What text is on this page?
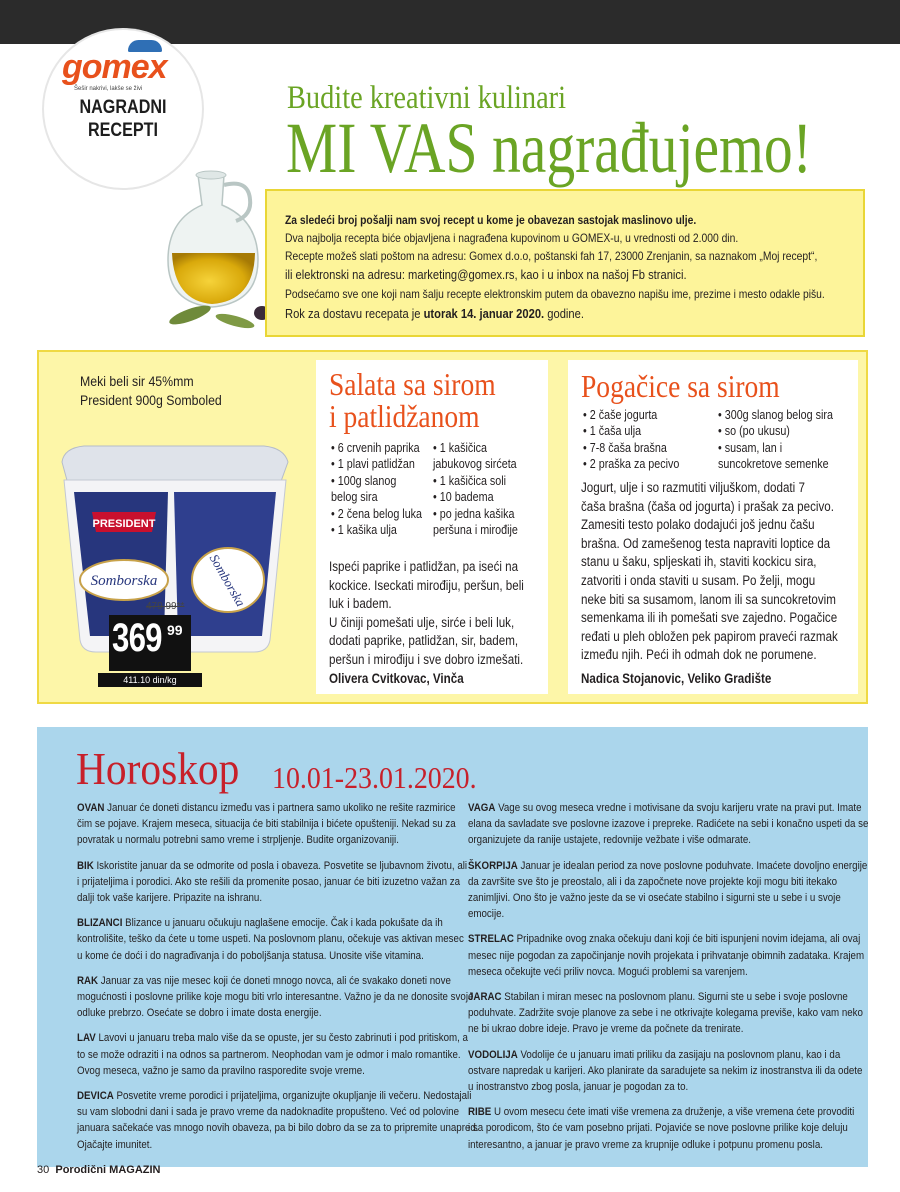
gomex
Šešir nakrivi, lakše se živi
NAGRADNI
RECEPTI
Budite kreativni kulinari
MI VAS nagrađujemo!
Za sledeći broj pošalji nam svoj recept u kome je obavezan sastojak maslinovo ulje.
Dva najbolja recepta biće objavljena i nagrađena kupovinom u GOMEX-u, u vrednosti od 2.000 din.
Recepte možeš slati poštom na adresu: Gomex d.o.o, poštanski fah 17, 23000 Zrenjanin, sa naznakom „Moj recept“,
ili elektronski na adresu: marketing@gomex.rs, kao i u inbox na našoj Fb stranici.
Podsećamo sve one koji nam šalju recepte elektronskim putem da obavezno napišu ime, prezime i mesto odakle pišu.
Rok za dostavu recepata je utorak 14. januar 2020. godine.
Meki beli sir 45%mm
President 900g Somboled
PRESIDENT
Somborska	Somborska
479,99**
369 99
411.10 din/kg
Salata sa sirom
i patlidžanom
• 6 crvenih paprika
• 1 plavi patlidžan
• 100g slanog
belog sira
• 2 čena belog luka
• 1 kašika ulja
• 1 kašičica
jabukovog sirćeta
• 1 kašičica soli
• 10 badema
• po jedna kašika
peršuna i mirođije
Ispeći paprike i patlidžan, pa iseći na
kockice. Iseckati mirođiju, peršun, beli
luk i badem.
U činiji pomešati ulje, sirće i beli luk,
dodati paprike, patlidžan, sir, badem,
peršun i mirođiju i sve dobro izmešati.
Olivera Cvitkovac, Vinča
Pogačice sa sirom
• 2 čaše jogurta
• 1 čaša ulja
• 7-8 čaša brašna
• 2 praška za pecivo
• 300g slanog belog sira
• so (po ukusu)
• susam, lan i
suncokretove semenke
Jogurt, ulje i so razmutiti viljuškom, dodati 7
čaša brašna (čaša od jogurta) i prašak za pecivo.
Zamesiti testo polako dodajući još jednu čašu
brašna. Od zamešenog testa napraviti loptice da
stanu u šaku, spljeskati ih, staviti kockicu sira,
zatvoriti i onda staviti u susam. Po želji, mogu
neke biti sa susamom, lanom ili sa suncokretovim
semenkama ili ih pomešati sve zajedno. Pogačice
ređati u pleh obložen pek papirom praveći razmak
između njih. Peći ih odmah dok ne porumene.
Nadica Stojanovic, Veliko Gradište
Horoskop 10.01-23.01.2020.
30 Porodični MAGAZIN
OVAN Januar će doneti distancu između vas i partnera samo ukoliko ne rešite razmirice
čim se pojave. Krajem meseca, situacija će biti stabilnija i bićete opušteniji. Nekad su za
povratak u normalu potrebni samo vreme i strpljenje. Budite organizovaniji.
BIK Iskoristite januar da se odmorite od posla i obaveza. Posvetite se ljubavnom životu, ali
i prijateljima i porodici. Ako ste rešili da promenite posao, januar će biti izuzetno važan za
dalji tok vaše karijere. Pripazite na ishranu.
BLIZANCI Blizance u januaru očukuju naglašene emocije. Čak i kada pokušate da ih
kontrolišite, teško da ćete u tome uspeti. Na poslovnom planu, očekuje vas aktivan mesec
u kome će doći i do nagrađivanja i do poboljšanja statusa. Unosite više vitamina.
RAK Januar za vas nije mesec koji će doneti mnogo novca, ali će svakako doneti nove
mogućnosti i poslovne prilike koje mogu biti vrlo interesantne. Važno je da ne donosite svoje
odluke prebrzo. Osećate se dobro i imate dosta energije.
LAV Lavovi u januaru treba malo više da se opuste, jer su često zabrinuti i pod pritiskom, a
to se može odraziti i na odnos sa partnerom. Neophodan vam je odmor i malo romantike.
Ovog meseca, važno je samo da pravilno rasporedite svoje vreme.
DEVICA Posvetite vreme porodici i prijateljima, organizujte okupljanje ili večeru. Nedostajali
su vam slobodni dani i sada je pravo vreme da nadoknadite propušteno. Već od polovine
januara sačekaće vas mnogo novih obaveza, pa bi bilo dobro da se za to pripremite unapred.
Ojačajte imunitet.
VAGA Vage su ovog meseca vredne i motivisane da svoju karijeru vrate na pravi put. Imate
elana da savladate sve poslovne izazove i prepreke. Radićete na sebi i konačno uspeti da se
organizujete da ranije ustajete, redovnije vežbate i više odmarate.
ŠKORPIJA Januar je idealan period za nove poslovne poduhvate. Imaćete dovoljno energije
da završite sve što je preostalo, ali i da započnete nove projekte koji mogu biti itekako
zanimljivi. Ono što je važno jeste da se vi osećate stabilno i sigurni ste u sebe i u svoje
emocije.
STRELAC Pripadnike ovog znaka očekuju dani koji će biti ispunjeni novim idejama, ali ovaj
mesec nije pogodan za započinjanje novih projekata i prihvatanje obimnih zadataka. Krajem
meseca očekujte veći priliv novca. Mogući problemi sa varenjem.
JARAC Stabilan i miran mesec na poslovnom planu. Sigurni ste u sebe i svoje poslovne
poduhvate. Zadržite svoje planove za sebe i ne otkrivajte kolegama previše, kako vam neko
ne bi ukrao dobre ideje. Pravo je vreme da počnete da trenirate.
VODOLIJA Vodolije će u januaru imati priliku da zasijaju na poslovnom planu, kao i da
ostvare napredak u karijeri. Ako planirate da saradujete sa nekim iz inostranstva ili da odete
u inostranstvo zbog posla, januar je pogodan za to.
RIBE U ovom mesecu ćete imati više vremena za druženje, a više vremena ćete provoditi
i sa porodicom, što će vam posebno prijati. Pojaviće se nove poslovne prilike koje deluju
interesantno, a januar je pravo vreme za krupnije odluke i potpunu promenu posla.
